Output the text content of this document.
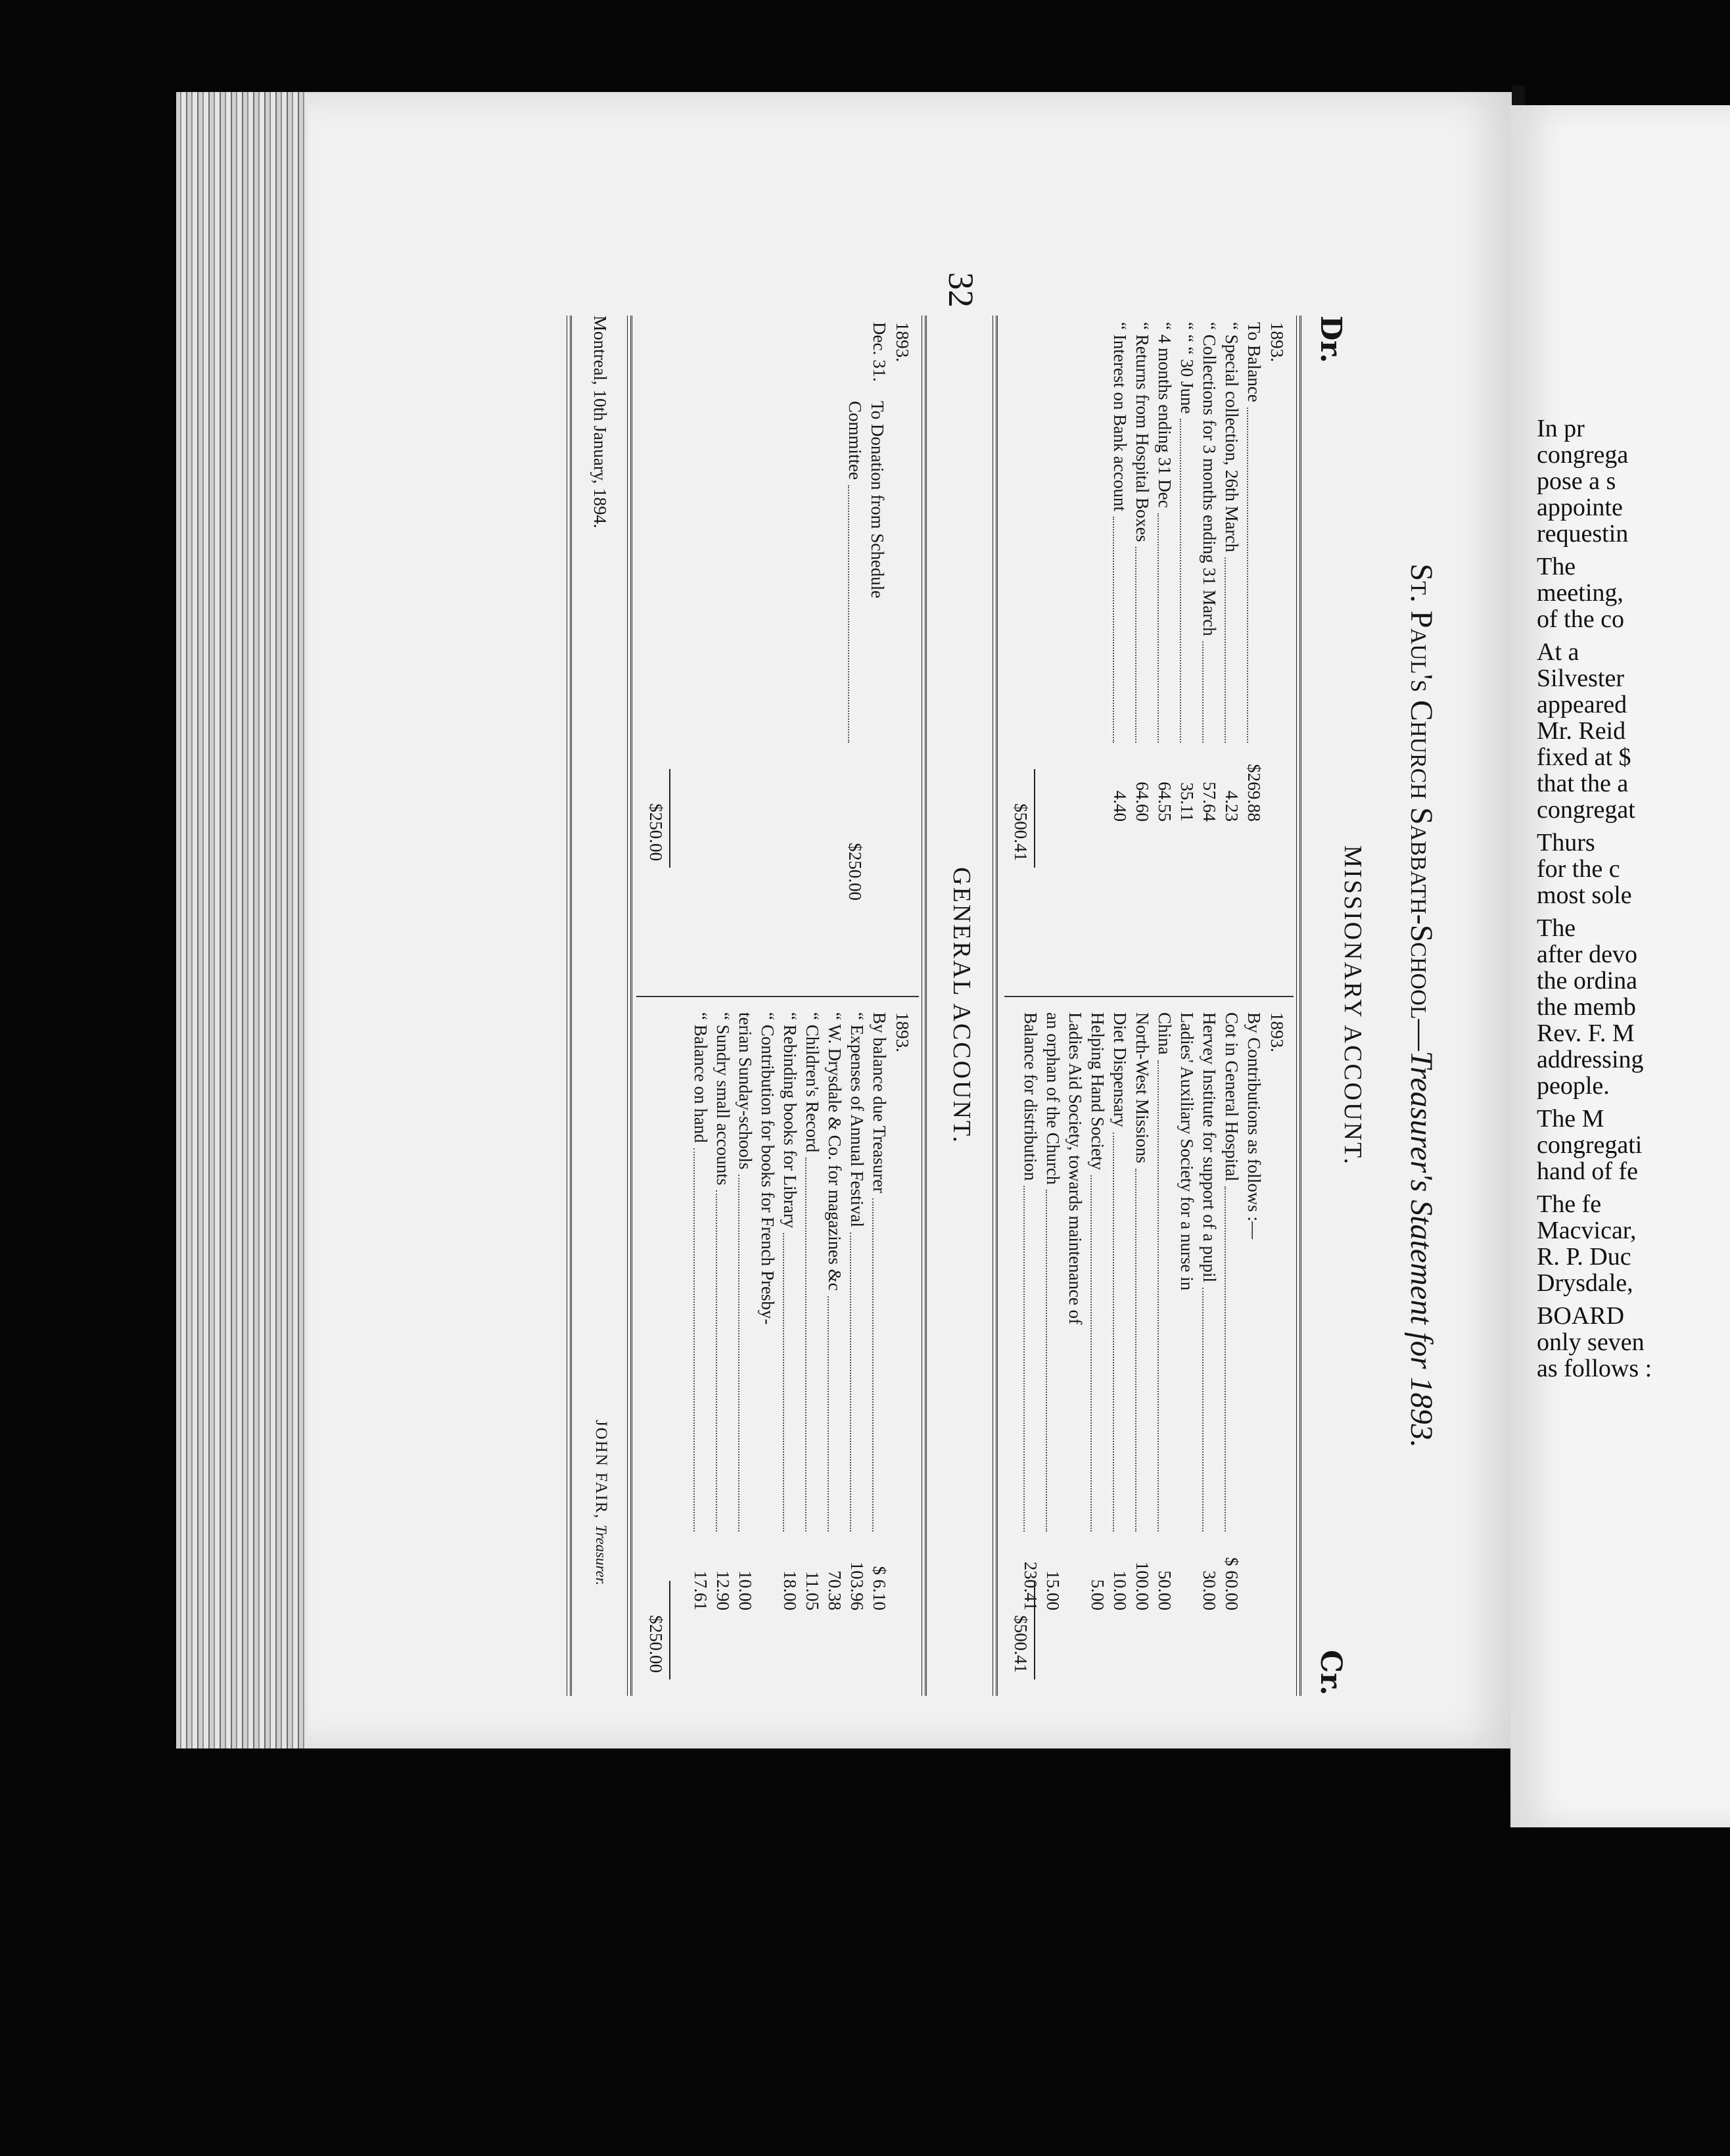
In pr
congrega
pose a s
appointe
requestin
The
meeting,
of the co
At a
Silvester
appeared
Mr. Reid
fixed at $
that the a
congregat
Thurs
for the c
most sole
The
after devo
the ordina
the memb
Rev. F. M
addressing
people.
The M
congregati
hand of fe
The fe
Macvicar,
R. P. Duc
Drysdale,
BOARD
only seven
as follows :
32
St. Paul's Church Sabbath-School—Treasurer's Statement for 1893.
MISSIONARY ACCOUNT.
Dr.
Cr.
1893.
To Balance
$269.88
“ Special collection, 26th March
4.23
“ Collections for 3 months ending 31 March
57.64
“ “ “ 30 June
35.11
“ 4 months ending 31 Dec
64.55
“ Returns from Hospital Boxes
64.60
“ Interest on Bank account
4.40
1893.
By Contributions as follows :—
Cot in General Hospital
$ 60.00
Hervey Institute for support of a pupil
30.00
Ladies' Auxiliary Society for a nurse in
China
50.00
North-West Missions
100.00
Diet Dispensary
10.00
Helping Hand Society
5.00
Ladies Aid Society, towards maintenance of
an orphan of the Church
15.00
Balance for distribution
230.41
$500.41
$500.41
GENERAL ACCOUNT.
1893.
Dec. 31.
To Donation from Schedule
Committee
$250.00
1893.
By balance due Treasurer
$ 6.10
“ Expenses of Annual Festival
103.96
“ W. Drysdale & Co. for magazines &c
70.38
“ Children's Record
11.05
“ Rebinding books for Library
18.00
“ Contribution for books for French Presby-
terian Sunday-schools
10.00
“ Sundry small accounts
12.90
“ Balance on hand
17.61
$250.00
$250.00
Montreal, 10th January, 1894.
JOHN FAIR, Treasurer.
